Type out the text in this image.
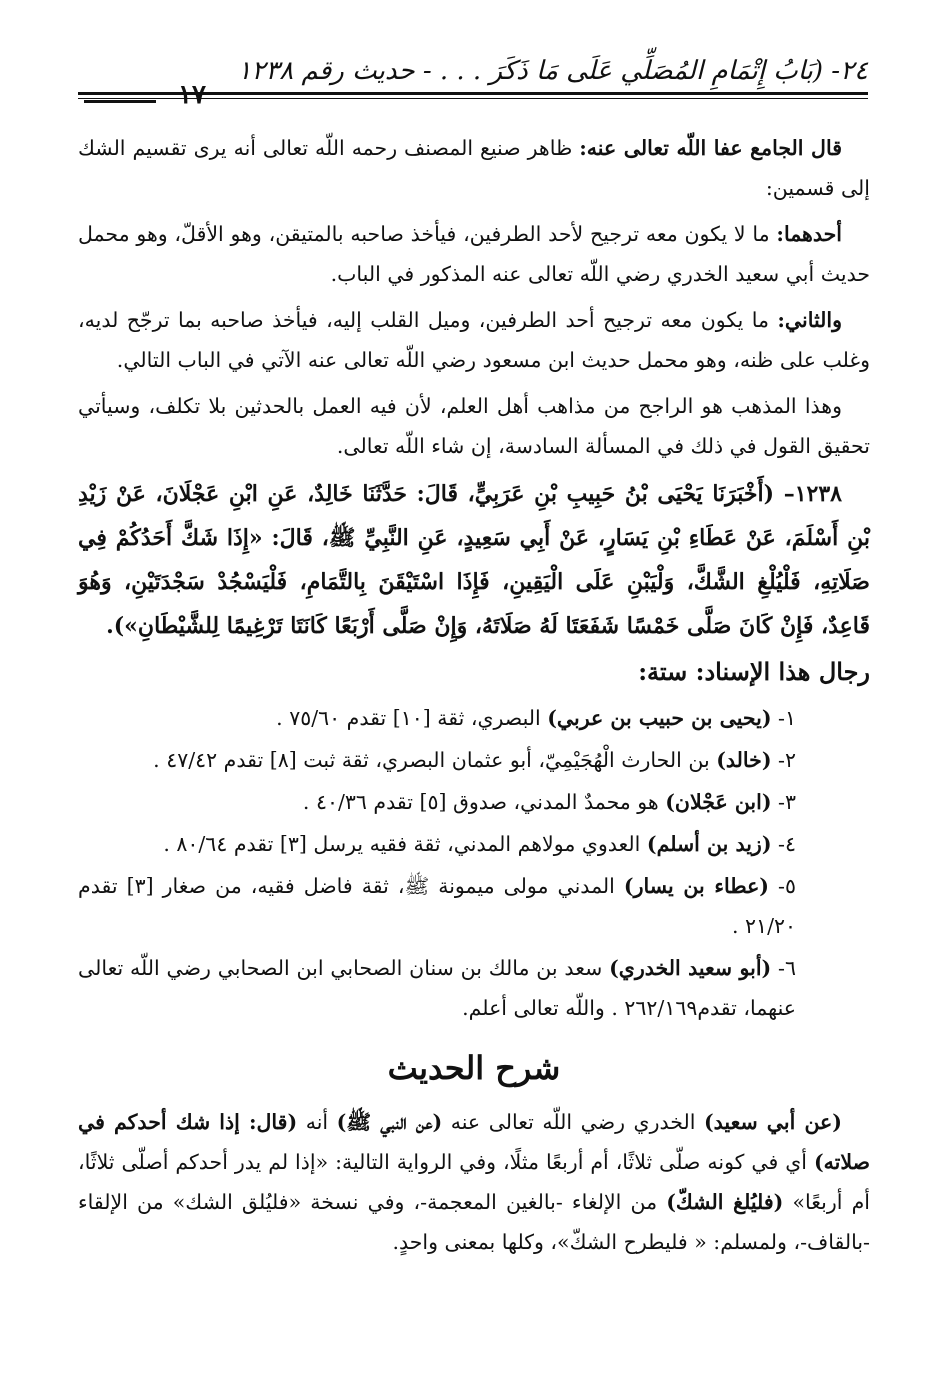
٢٤- (بَابُ إِتْمَامِ المُصَلِّي عَلَى مَا ذَكَرَ . . . - حديث رقم ١٢٣٨
١٧

قال الجامع عفا اللّه تعالى عنه: ظاهر صنيع المصنف رحمه اللّه تعالى أنه يرى تقسيم الشك إلى قسمين:

أحدهما: ما لا يكون معه ترجيح لأحد الطرفين، فيأخذ صاحبه بالمتيقن، وهو الأقلّ، وهو محمل حديث أبي سعيد الخدري رضي اللّه تعالى عنه المذكور في الباب.

والثاني: ما يكون معه ترجيح أحد الطرفين، وميل القلب إليه، فيأخذ صاحبه بما ترجّح لديه، وغلب على ظنه، وهو محمل حديث ابن مسعود رضي اللّه تعالى عنه الآتي في الباب التالي.

وهذا المذهب هو الراجح من مذاهب أهل العلم، لأن فيه العمل بالحدثين بلا تكلف، وسيأتي تحقيق القول في ذلك في المسألة السادسة، إن شاء اللّه تعالى.

١٢٣٨– (أَخْبَرَنَا يَحْيَى بْنُ حَبِيبِ بْنِ عَرَبِيٍّ، قَالَ: حَدَّثَنَا خَالِدٌ، عَنِ ابْنِ عَجْلَانَ، عَنْ زَيْدِ بْنِ أَسْلَمَ، عَنْ عَطَاءِ بْنِ يَسَارٍ، عَنْ أَبِي سَعِيدٍ، عَنِ النَّبِيِّ ﷺ، قَالَ: «إِذَا شَكَّ أَحَدُكُمْ فِي صَلَاتِهِ، فَلْيُلْغِ الشَّكَّ، وَلْيَبْنِ عَلَى الْيَقِينِ، فَإِذَا اسْتَيْقَنَ بِالتَّمَامِ، فَلْيَسْجُدْ سَجْدَتَيْنِ، وَهُوَ قَاعِدٌ، فَإِنْ كَانَ صَلَّى خَمْسًا شَفَعَتَا لَهُ صَلَاتَهُ، وَإِنْ صَلَّى أَرْبَعًا كَانَتَا تَرْغِيمًا لِلشَّيْطَانِ»).

رجال هذا الإسناد: ستة:

١- (يحيى بن حبيب بن عربي) البصري، ثقة [١٠] تقدم ٧٥/٦٠ .

٢- (خالد) بن الحارث الْهُجَيْمِيّ، أبو عثمان البصري، ثقة ثبت [٨] تقدم ٤٧/٤٢ .

٣- (ابن عَجْلان) هو محمدٌ المدني، صدوق [٥] تقدم ٤٠/٣٦ .

٤- (زيد بن أسلم) العدوي مولاهم المدني، ثقة فقيه يرسل [٣] تقدم ٨٠/٦٤ .

٥- (عطاء بن يسار) المدني مولى ميمونة ﷺ، ثقة فاضل فقيه، من صغار [٣] تقدم ٢١/٢٠ .

٦- (أبو سعيد الخدري) سعد بن مالك بن سنان الصحابي ابن الصحابي رضي اللّه تعالى عنهما، تقدم٢٦٢/١٦٩ . واللّه تعالى أعلم.

شرح الحديث

(عن أبي سعيد) الخدري رضي اللّه تعالى عنه (عن النبي ﷺ) أنه (قال: إذا شك أحدكم في صلاته) أي في كونه صلّى ثلاثًا، أم أربعًا مثلًا، وفي الرواية التالية: «إذا لم يدر أحدكم أصلّى ثلاثًا، أم أربعًا» (فليُلغ الشكّ) من الإلغاء -بالغين المعجمة-، وفي نسخة «فليُلق الشك» من الإلقاء -بالقاف-، ولمسلم: « فليطرح الشكّ»، وكلها بمعنى واحدٍ.
